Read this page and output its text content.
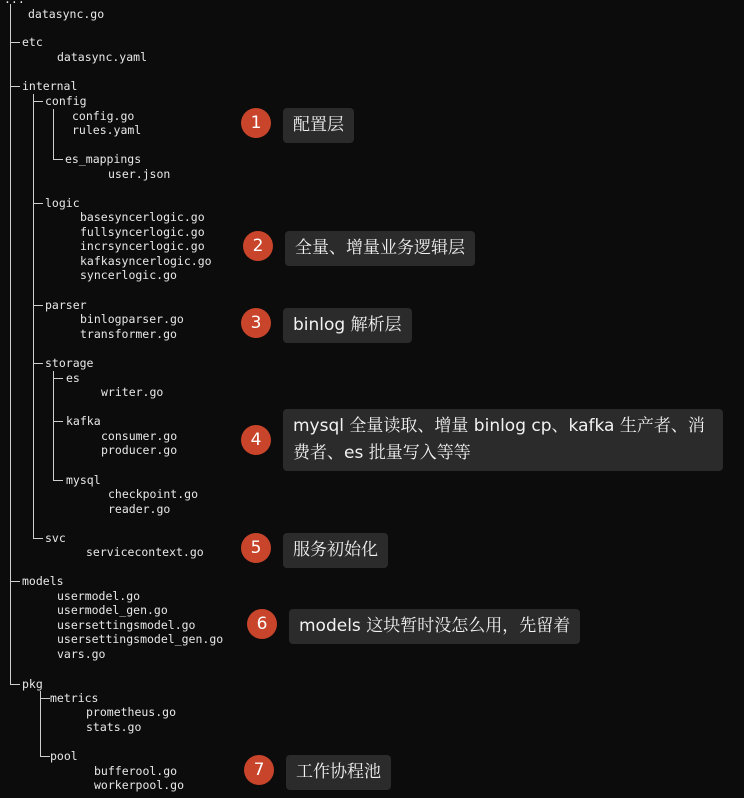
datasync.go
etc
datasync.yaml
internal
config
config.go
rules.yaml
es_mappings
user.json
logic
basesyncerlogic.go
fullsyncerlogic.go
incrsyncerlogic.go
kafkasyncerlogic.go
syncerlogic.go
parser
binlogparser.go
transformer.go
storage
es
writer.go
kafka
consumer.go
producer.go
mysql
checkpoint.go
reader.go
svc
servicecontext.go
models
usermodel.go
usermodel_gen.go
usersettingsmodel.go
usersettingsmodel_gen.go
vars.go
pkg
metrics
prometheus.go
stats.go
pool
bufferool.go
workerpool.go
1	配置层
2	全量、增量业务逻辑层
3	binlog 解析层
4
mysql 全量读取、增量 binlog cp、kafka 生产者、消费者、es 批量写入等等
5	服务初始化
6	models 这块暂时没怎么用，先留着
7	工作协程池
